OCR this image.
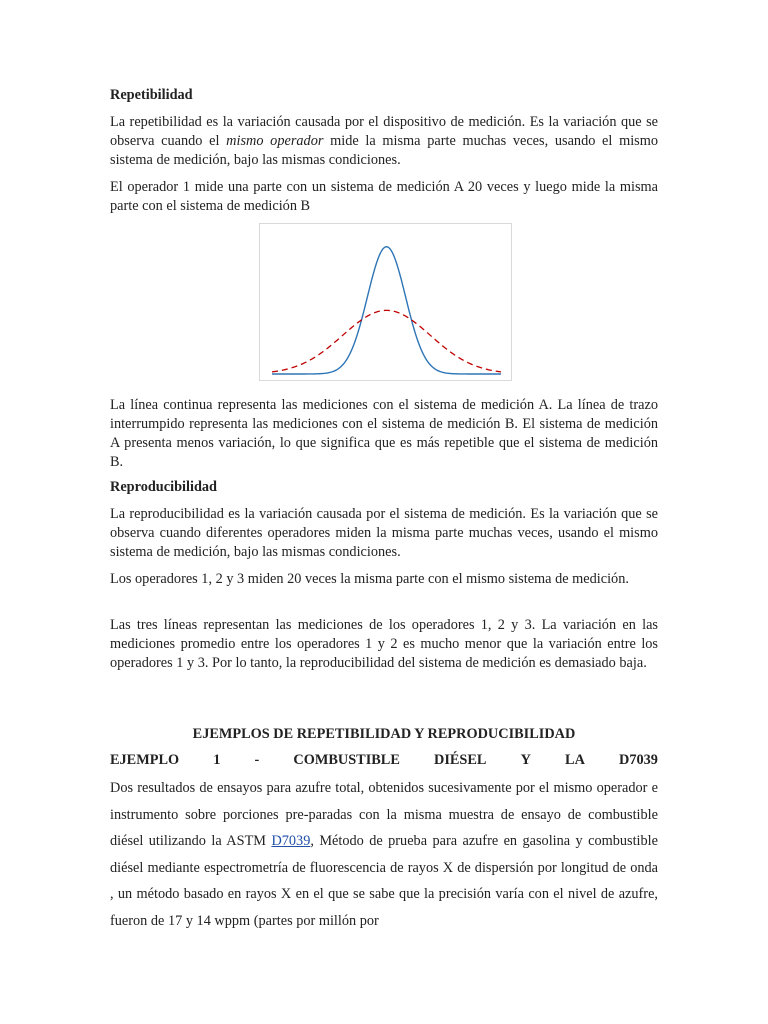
Repetibilidad
La repetibilidad es la variación causada por el dispositivo de medición. Es la variación que se observa cuando el mismo operador mide la misma parte muchas veces, usando el mismo sistema de medición, bajo las mismas condiciones.
El operador 1 mide una parte con un sistema de medición A 20 veces y luego mide la misma parte con el sistema de medición B
La línea continua representa las mediciones con el sistema de medición A. La línea de trazo interrumpido representa las mediciones con el sistema de medición B. El sistema de medición A presenta menos variación, lo que significa que es más repetible que el sistema de medición B.
Reproducibilidad
La reproducibilidad es la variación causada por el sistema de medición. Es la variación que se observa cuando diferentes operadores miden la misma parte muchas veces, usando el mismo sistema de medición, bajo las mismas condiciones.
Los operadores 1, 2 y 3 miden 20 veces la misma parte con el mismo sistema de medición.
Las tres líneas representan las mediciones de los operadores 1, 2 y 3. La variación en las mediciones promedio entre los operadores 1 y 2 es mucho menor que la variación entre los operadores 1 y 3. Por lo tanto, la reproducibilidad del sistema de medición es demasiado baja.
EJEMPLOS DE REPETIBILIDAD Y REPRODUCIBILIDAD
EJEMPLO 1 - COMBUSTIBLE DIÉSEL Y LA D7039
Dos resultados de ensayos para azufre total, obtenidos sucesivamente por el mismo operador e instrumento sobre porciones pre-paradas con la misma muestra de ensayo de combustible diésel utilizando la ASTM D7039, Método de prueba para azufre en gasolina y combustible diésel mediante espectrometría de fluorescencia de rayos X de dispersión por longitud de onda , un método basado en rayos X en el que se sabe que la precisión varía con el nivel de azufre, fueron de 17 y 14 wppm (partes por millón por
